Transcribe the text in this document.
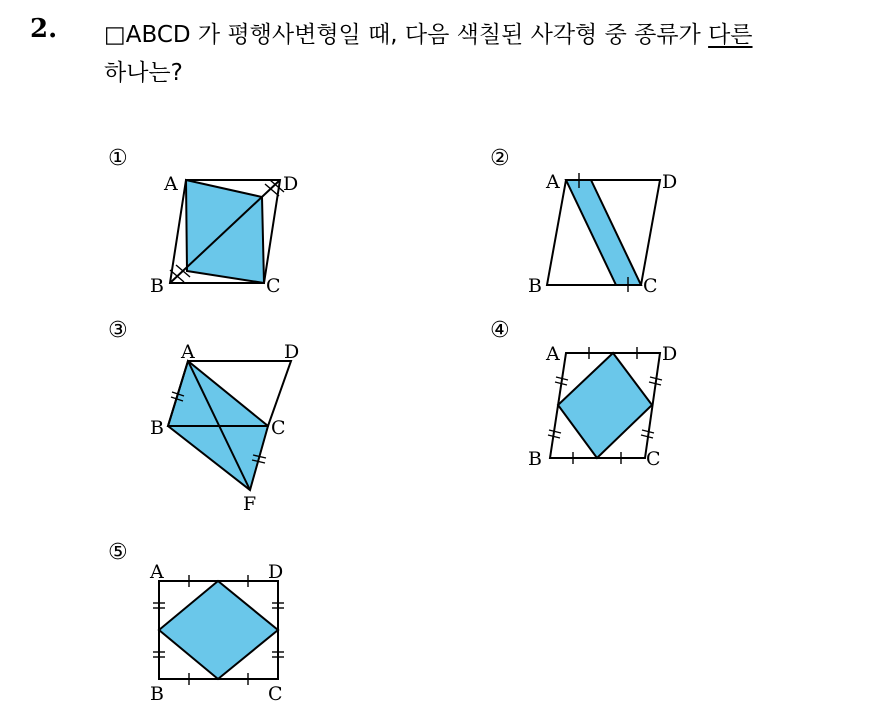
2. □ABCD 가 평행사변형일 때, 다음 색칠된 사각형 중 종류가 다른
하나는?
①	②
③	④
⑤
A	D
B	C
A	D
B	C
A	D
B	C
F
A	D
B	C
A	D
B	C
